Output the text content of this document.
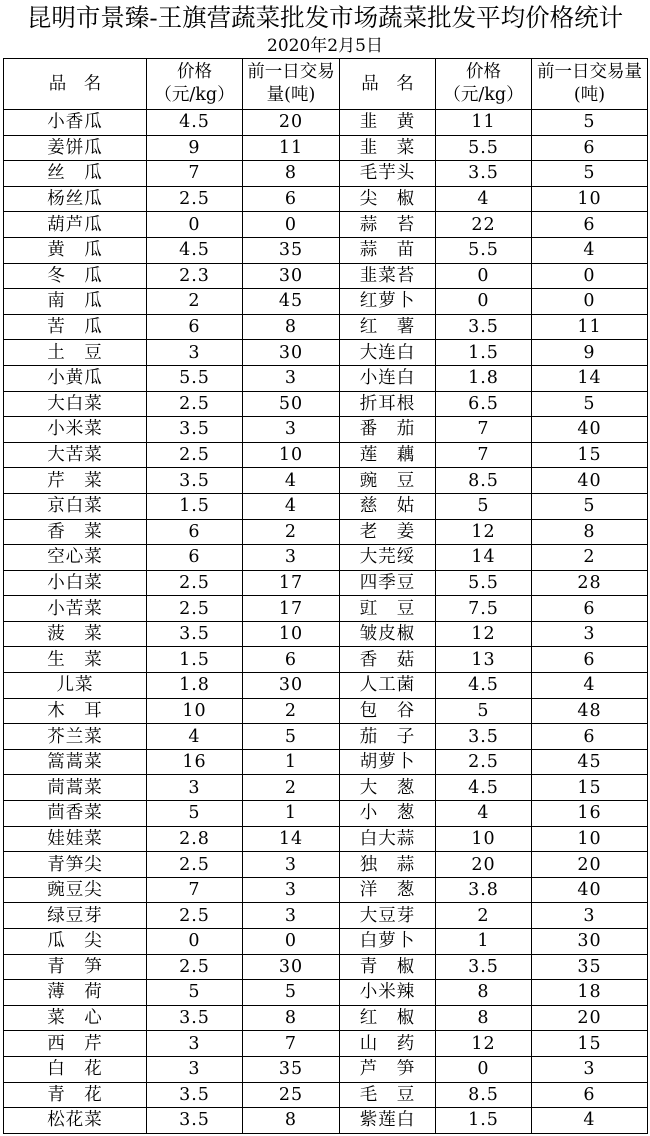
昆明市景臻-王旗营蔬菜批发市场蔬菜批发平均价格统计
2020年2月5日
品　名	价格（元/kg）	前一日交易量(吨)	品　名	价格（元/kg）	前一日交易量(吨)
小香瓜	4.5	20	韭　黄	11	5
姜饼瓜	9	11	韭　菜	5.5	6
丝　瓜	7	8	毛芋头	3.5	5
杨丝瓜	2.5	6	尖　椒	4	10
葫芦瓜	0	0	蒜　苔	22	6
黄　瓜	4.5	35	蒜　苗	5.5	4
冬　瓜	2.3	30	韭菜苔	0	0
南　瓜	2	45	红萝卜	0	0
苦　瓜	6	8	红　薯	3.5	11
土　豆	3	30	大连白	1.5	9
小黄瓜	5.5	3	小连白	1.8	14
大白菜	2.5	50	折耳根	6.5	5
小米菜	3.5	3	番　茄	7	40
大苦菜	2.5	10	莲　藕	7	15
芹　菜	3.5	4	豌　豆	8.5	40
京白菜	1.5	4	慈　姑	5	5
香　菜	6	2	老　姜	12	8
空心菜	6	3	大芫绥	14	2
小白菜	2.5	17	四季豆	5.5	28
小苦菜	2.5	17	豇　豆	7.5	6
菠　菜	3.5	10	皱皮椒	12	3
生　菜	1.5	6	香　菇	13	6
儿菜	1.8	30	人工菌	4.5	4
木　耳	10	2	包　谷	5	48
芥兰菜	4	5	茄　子	3.5	6
篙蒿菜	16	1	胡萝卜	2.5	45
茼蒿菜	3	2	大　葱	4.5	15
茴香菜	5	1	小　葱	4	16
娃娃菜	2.8	14	白大蒜	10	10
青笋尖	2.5	3	独　蒜	20	20
豌豆尖	7	3	洋　葱	3.8	40
绿豆芽	2.5	3	大豆芽	2	3
瓜　尖	0	0	白萝卜	1	30
青　笋	2.5	30	青　椒	3.5	35
薄　荷	5	5	小米辣	8	18
菜　心	3.5	8	红　椒	8	20
西　芹	3	7	山　药	12	15
白　花	3	35	芦　笋	0	3
青　花	3.5	25	毛　豆	8.5	6
松花菜	3.5	8	紫莲白	1.5	4
